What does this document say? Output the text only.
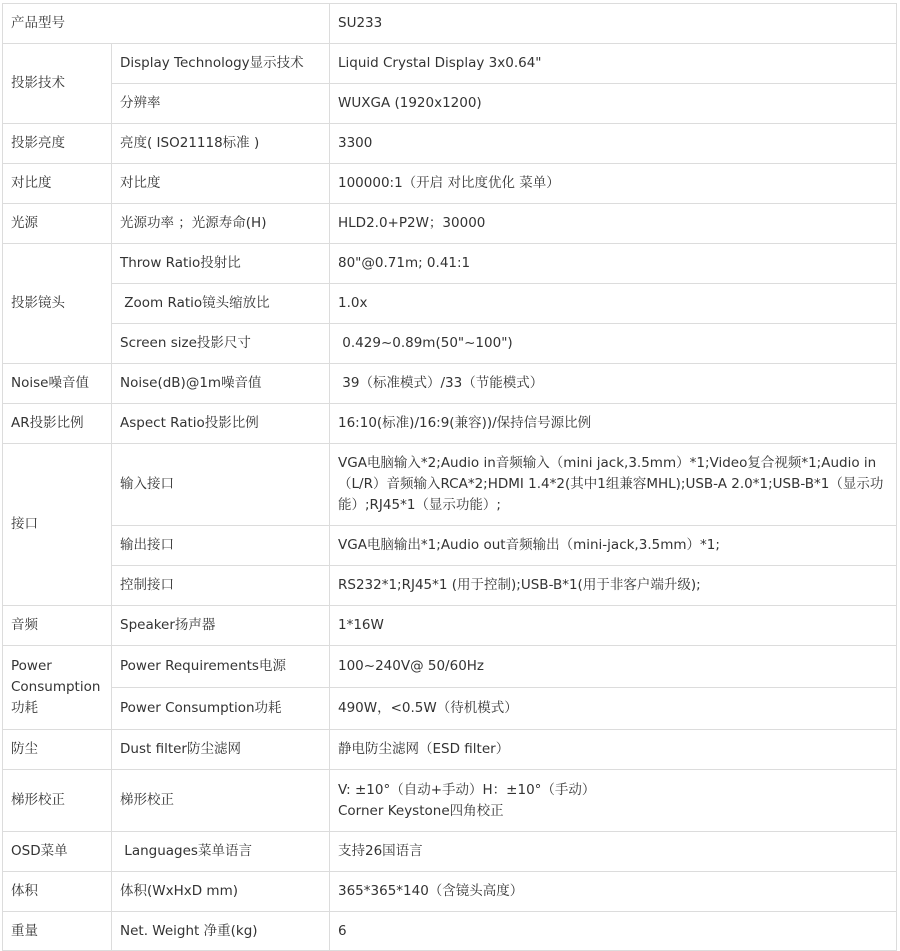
产品型号		SU233
投影技术	Display Technology显示技术	Liquid Crystal Display 3x0.64"
	分辨率	WUXGA (1920x1200)
投影亮度	亮度( ISO21118标准 )	3300
对比度	对比度	100000:1（开启 对比度优化 菜单）
光源	光源功率 ；光源寿命(H)	HLD2.0+P2W；30000
投影镜头	Throw Ratio投射比	80"@0.71m; 0.41:1
	Zoom Ratio镜头缩放比	1.0x
	Screen size投影尺寸	0.429~0.89m(50"~100")
Noise噪音值	Noise(dB)@1m噪音值	39（标准模式）/33（节能模式）
AR投影比例	Aspect Ratio投影比例	16:10(标准)/16:9(兼容))/保持信号源比例
接口	输入接口	VGA电脑输入*2;Audio in音频输入（mini jack,3.5mm）*1;Video复合视频*1;Audio in（L/R）音频输入RCA*2;HDMI 1.4*2(其中1组兼容MHL);USB-A 2.0*1;USB-B*1（显示功能）;RJ45*1（显示功能）;
	输出接口	VGA电脑输出*1;Audio out音频输出（mini-jack,3.5mm）*1;
	控制接口	RS232*1;RJ45*1 (用于控制);USB-B*1(用于非客户端升级);
音频	Speaker扬声器	1*16W
Power Consumption 功耗	Power Requirements电源	100~240V@ 50/60Hz
	Power Consumption功耗	490W，<0.5W（待机模式）
防尘	Dust filter防尘滤网	静电防尘滤网（ESD filter）
梯形校正	梯形校正	V: ±10°（自动+手动）H：±10°（手动）
Corner Keystone四角校正

OSD菜单	Languages菜单语言	支持26国语言
体积	体积(WxHxD mm)	365*365*140（含镜头高度）
重量	Net. Weight 净重(kg)	6
